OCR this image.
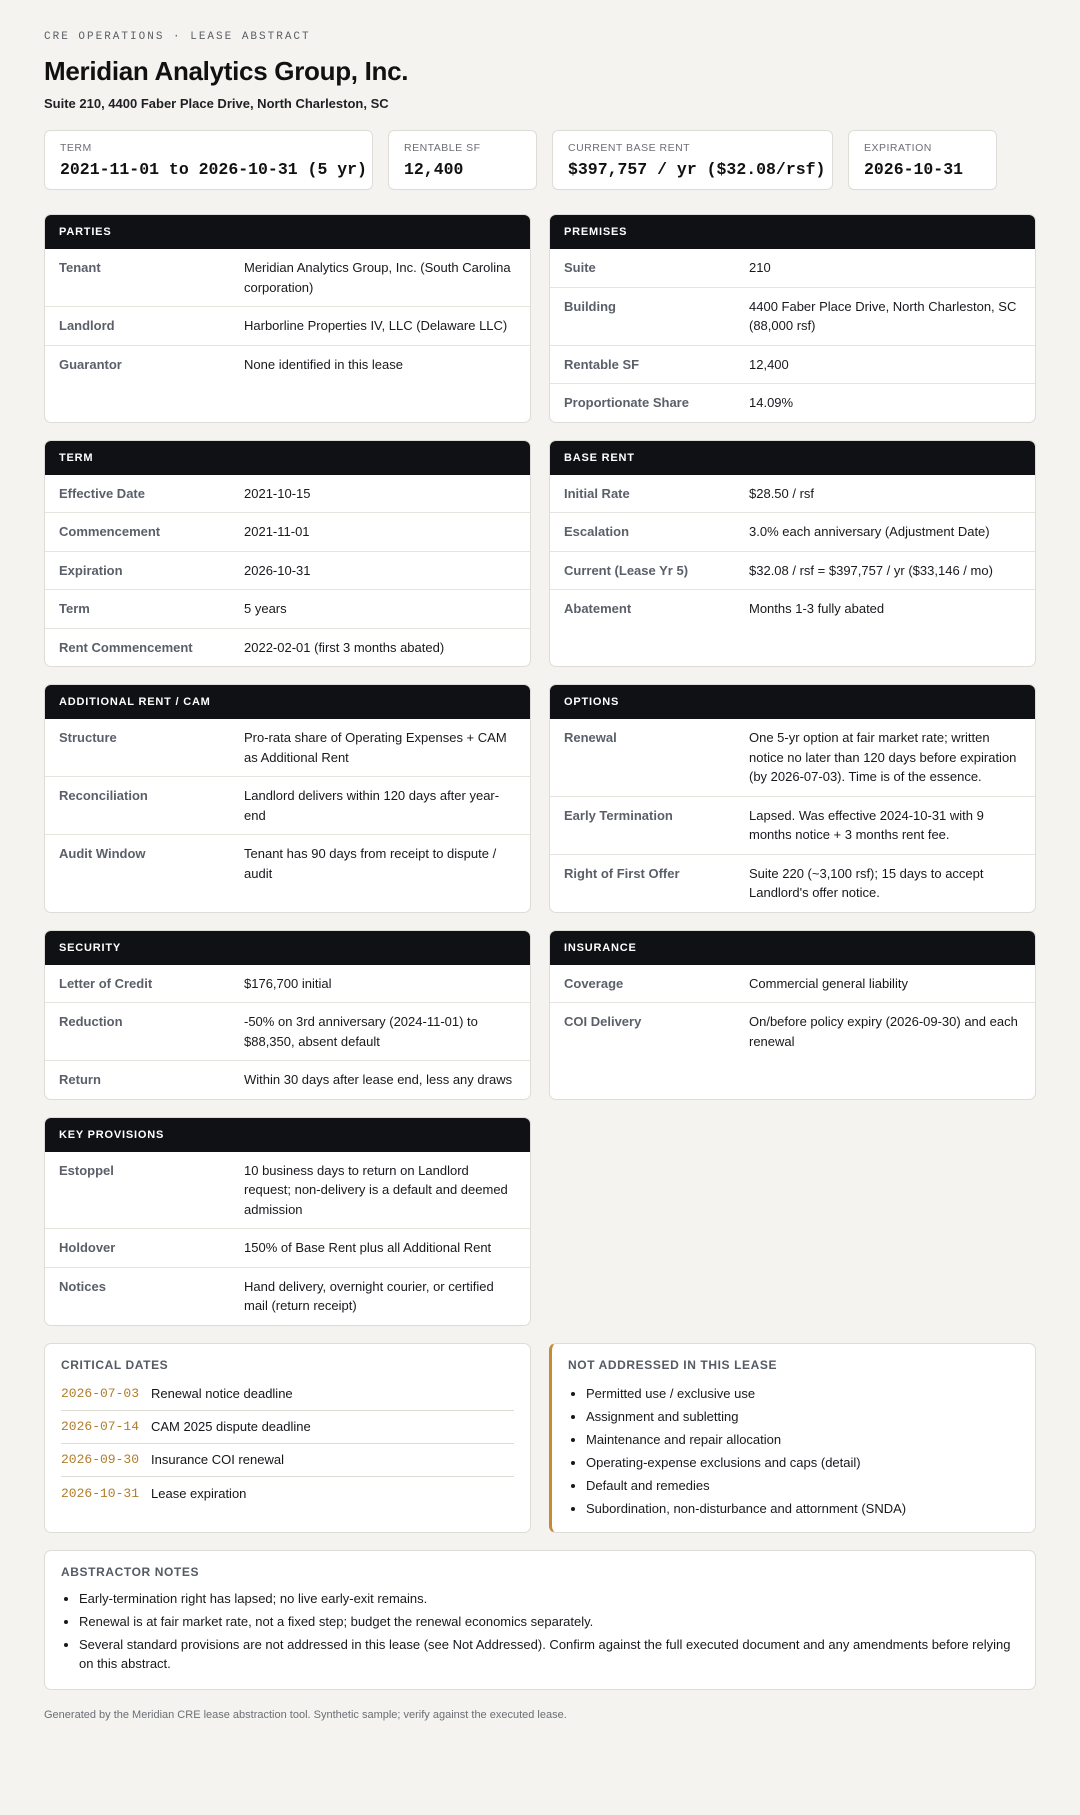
CRE OPERATIONS · LEASE ABSTRACT
Meridian Analytics Group, Inc.
Suite 210, 4400 Faber Place Drive, North Charleston, SC
TERM
2021-11-01 to 2026-10-31 (5 yr)
RENTABLE SF
12,400
CURRENT BASE RENT
$397,757 / yr ($32.08/rsf)
EXPIRATION
2026-10-31
PARTIES
Tenant	Meridian Analytics Group, Inc. (South Carolina corporation)
Landlord	Harborline Properties IV, LLC (Delaware LLC)
Guarantor	None identified in this lease
PREMISES
Suite	210
Building	4400 Faber Place Drive, North Charleston, SC (88,000 rsf)
Rentable SF	12,400
Proportionate Share	14.09%
TERM
Effective Date	2021-10-15
Commencement	2021-11-01
Expiration	2026-10-31
Term	5 years
Rent Commencement	2022-02-01 (first 3 months abated)
BASE RENT
Initial Rate	$28.50 / rsf
Escalation	3.0% each anniversary (Adjustment Date)
Current (Lease Yr 5)	$32.08 / rsf = $397,757 / yr ($33,146 / mo)
Abatement	Months 1-3 fully abated
ADDITIONAL RENT / CAM
Structure	Pro-rata share of Operating Expenses + CAM as Additional Rent
Reconciliation	Landlord delivers within 120 days after year-end
Audit Window	Tenant has 90 days from receipt to dispute / audit
OPTIONS
Renewal	One 5-yr option at fair market rate; written notice no later than 120 days before expiration (by 2026-07-03). Time is of the essence.
Early Termination	Lapsed. Was effective 2024-10-31 with 9 months notice + 3 months rent fee.
Right of First Offer	Suite 220 (~3,100 rsf); 15 days to accept Landlord's offer notice.
SECURITY
Letter of Credit	$176,700 initial
Reduction	-50% on 3rd anniversary (2024-11-01) to $88,350, absent default
Return	Within 30 days after lease end, less any draws
INSURANCE
Coverage	Commercial general liability
COI Delivery	On/before policy expiry (2026-09-30) and each renewal
KEY PROVISIONS
Estoppel	10 business days to return on Landlord request; non-delivery is a default and deemed admission
Holdover	150% of Base Rent plus all Additional Rent
Notices	Hand delivery, overnight courier, or certified mail (return receipt)
CRITICAL DATES
2026-07-03 Renewal notice deadline
2026-07-14 CAM 2025 dispute deadline
2026-09-30 Insurance COI renewal
2026-10-31 Lease expiration
NOT ADDRESSED IN THIS LEASE
• Permitted use / exclusive use
• Assignment and subletting
• Maintenance and repair allocation
• Operating-expense exclusions and caps (detail)
• Default and remedies
• Subordination, non-disturbance and attornment (SNDA)
ABSTRACTOR NOTES
• Early-termination right has lapsed; no live early-exit remains.
• Renewal is at fair market rate, not a fixed step; budget the renewal economics separately.
• Several standard provisions are not addressed in this lease (see Not Addressed). Confirm against the full executed document and any amendments before relying on this abstract.
Generated by the Meridian CRE lease abstraction tool. Synthetic sample; verify against the executed lease.
